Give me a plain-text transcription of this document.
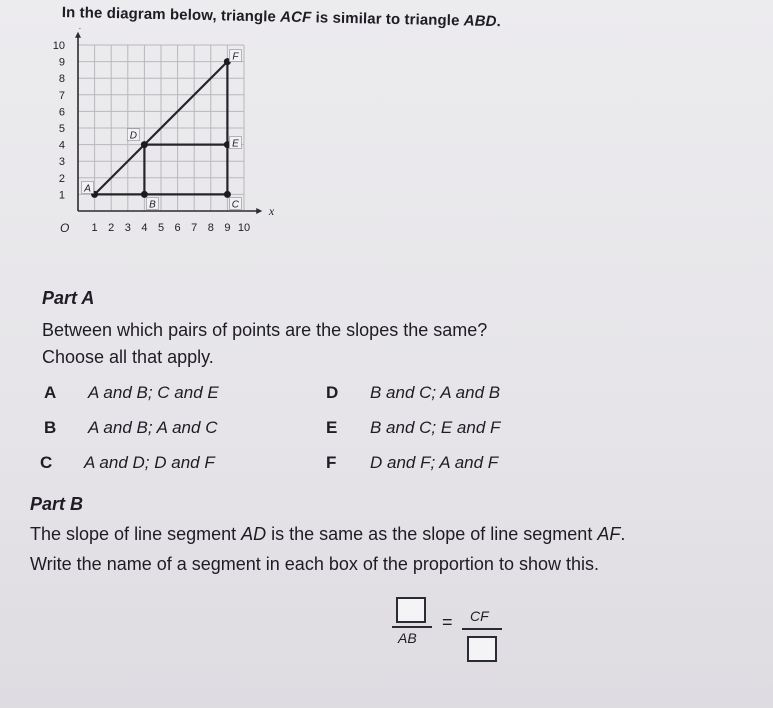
In the diagram below, triangle ACF is similar to triangle ABD.
1 2 3 4 5 6 7 8 9 10
1
2
3
4
5
6
7
8
9
10
x
O
A
B	C
D
E
F
Part A
Between which pairs of points are the slopes the same?
Choose all that apply.
A	A and B; C and E
B	A and B; A and C
C	A and D; D and F
D	B and C; A and B
E	B and C; E and F
F	D and F; A and F
Part B
The slope of line segment AD is the same as the slope of line segment AF.
Write the name of a segment in each box of the proportion to show this.
AB
= CF
